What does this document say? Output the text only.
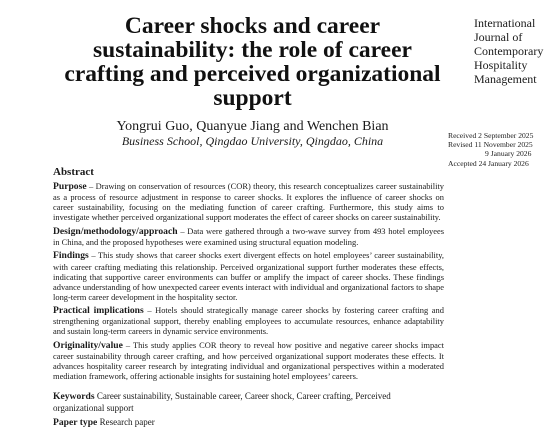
Career shocks and career sustainability: the role of career crafting and perceived organizational support
Yongrui Guo, Quanyue Jiang and Wenchen Bian
Business School, Qingdao University, Qingdao, China
International
Journal of
Contemporary
Hospitality
Management
Received 2 September 2025
Revised 11 November 2025
9 January 2026
Accepted 24 January 2026
Abstract

Purpose – Drawing on conservation of resources (COR) theory, this research conceptualizes career sustainability as a process of resource adjustment in response to career shocks. It explores the influence of career shocks on career sustainability, focusing on the mediating function of career crafting. Furthermore, this study aims to investigate whether perceived organizational support moderates the effect of career shocks on career sustainability.

Design/methodology/approach – Data were gathered through a two-wave survey from 493 hotel employees in China, and the proposed hypotheses were examined using structural equation modeling.

Findings – This study shows that career shocks exert divergent effects on hotel employees’ career sustainability, with career crafting mediating this relationship. Perceived organizational support further moderates these effects, indicating that supportive career environments can buffer or amplify the impact of career shocks. These findings advance understanding of how unexpected career events interact with individual and organizational factors to shape long-term career development in the hospitality sector.

Practical implications – Hotels should strategically manage career shocks by fostering career crafting and strengthening organizational support, thereby enabling employees to accumulate resources, enhance adaptability and sustain long-term careers in dynamic service environments.

Originality/value – This study applies COR theory to reveal how positive and negative career shocks impact career sustainability through career crafting, and how perceived organizational support moderates these effects. It advances hospitality career research by integrating individual and organizational perspectives within a moderated mediation framework, offering actionable insights for sustaining hotel employees’ careers.

Keywords Career sustainability, Sustainable career, Career shock, Career crafting, Perceived organizational support
Paper type Research paper
